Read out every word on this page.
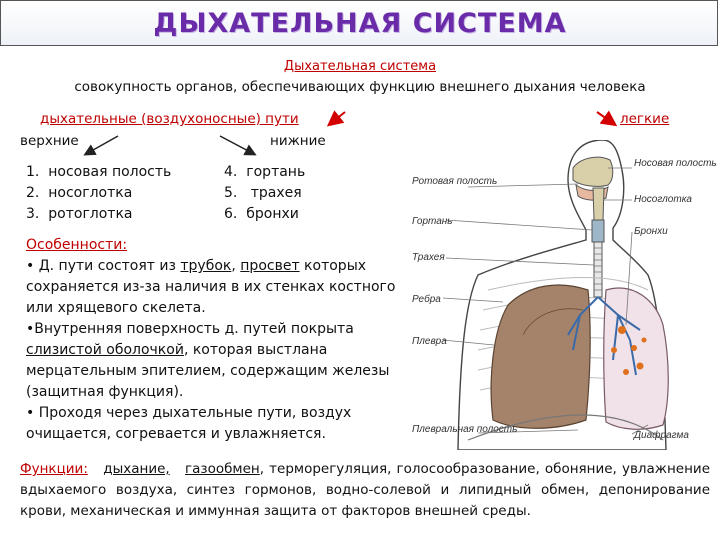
ДЫХАТЕЛЬНАЯ СИСТЕМА
Дыхательная система
совокупность органов, обеспечивающих функцию внешнего дыхания человека
дыхательные (воздухоносные) пути	легкие
верхние	нижние
1. носовая полость
2. носоглотка
3. ротоглотка
4. гортань
5. трахея
6. бронхи
Особенности:
• Д. пути состоят из трубок, просвет которых сохраняется из-за наличия в их стенках костного или хрящевого скелета.
•Внутренняя поверхность д. путей покрыта слизистой оболочкой, которая выстлана мерцательным эпителием, содержащим железы (защитная функция).
• Проходя через дыхательные пути, воздух очищается, согревается и увлажняется.
Ротовая полость
Гортань
Трахея
Ребра
Плевра
Плевральная полость
Носовая полость
Носоглотка
Бронхи
Диафрагма
Функции: дыхание, газообмен, терморегуляция, голосообразование, обоняние, увлажнение вдыхаемого воздуха, синтез гормонов, водно-солевой и липидный обмен, депонирование крови, механическая и иммунная защита от факторов внешней среды.
